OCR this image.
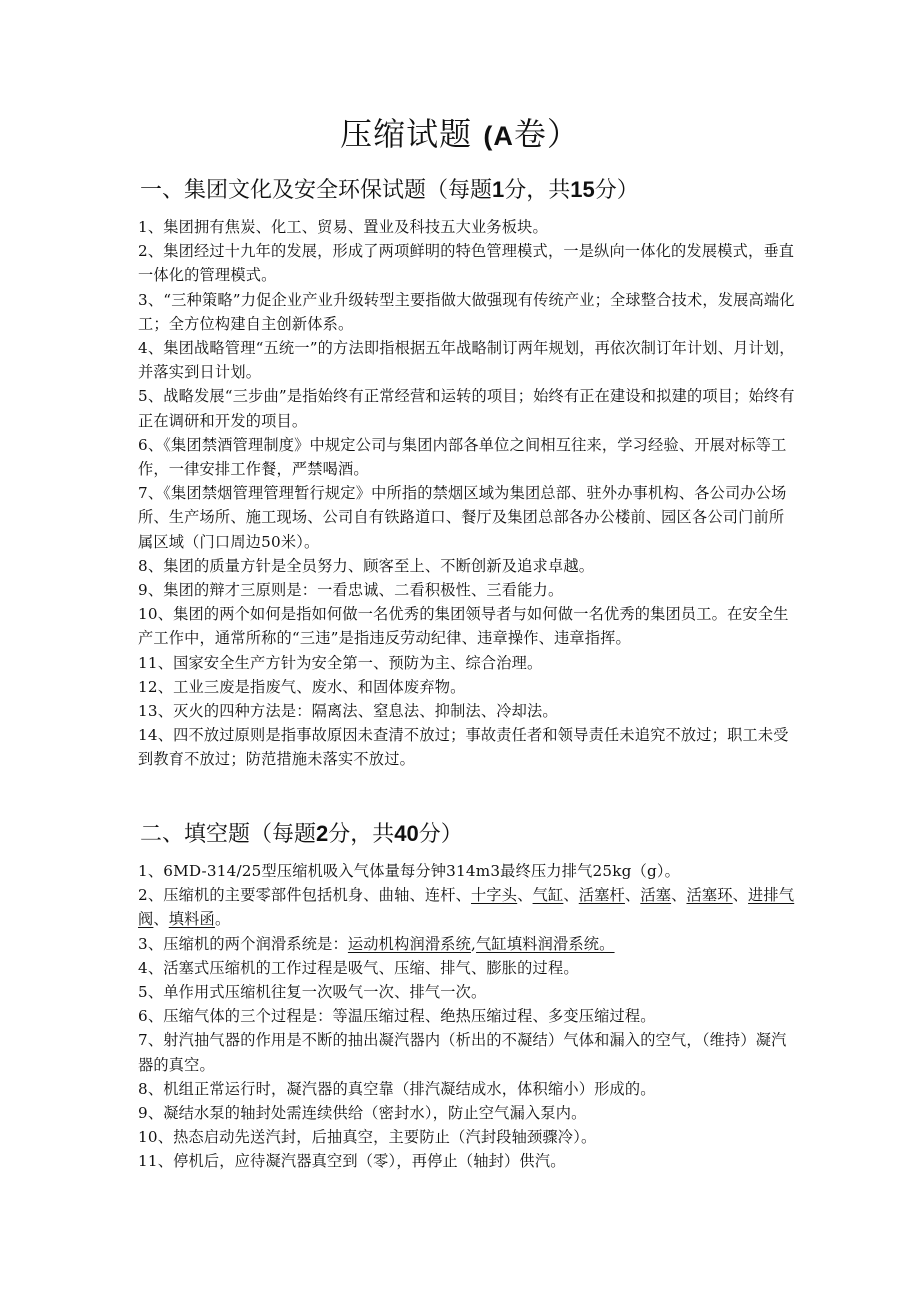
压缩试题 (A卷）
一、集团文化及安全环保试题（每题1分，共15分）

1、集团拥有焦炭、化工、贸易、置业及科技五大业务板块。

2、集团经过十九年的发展，形成了两项鲜明的特色管理模式，一是纵向一体化的发展模式，垂直一体化的管理模式。

3、“三种策略”力促企业产业升级转型主要指做大做强现有传统产业；全球整合技术，发展高端化工；全方位构建自主创新体系。

4、集团战略管理“五统一”的方法即指根据五年战略制订两年规划，再依次制订年计划、月计划，并落实到日计划。

5、战略发展“三步曲”是指始终有正常经营和运转的项目；始终有正在建设和拟建的项目；始终有正在调研和开发的项目。

6、《集团禁酒管理制度》中规定公司与集团内部各单位之间相互往来，学习经验、开展对标等工作，一律安排工作餐，严禁喝酒。

7、《集团禁烟管理管理暂行规定》中所指的禁烟区域为集团总部、驻外办事机构、各公司办公场所、生产场所、施工现场、公司自有铁路道口、餐厅及集团总部各办公楼前、园区各公司门前所属区域（门口周边50米）。

8、集团的质量方针是全员努力、顾客至上、不断创新及追求卓越。

9、集团的辩才三原则是：一看忠诚、二看积极性、三看能力。

10、集团的两个如何是指如何做一名优秀的集团领导者与如何做一名优秀的集团员工。在安全生产工作中，通常所称的“三违”是指违反劳动纪律、违章操作、违章指挥。

11、国家安全生产方针为安全第一、预防为主、综合治理。

12、工业三废是指废气、废水、和固体废弃物。

13、灭火的四种方法是：隔离法、窒息法、抑制法、冷却法。

14、四不放过原则是指事故原因未查清不放过；事故责任者和领导责任未追究不放过；职工未受到教育不放过；防范措施未落实不放过。

二、填空题（每题2分，共40分）

1、6MD-314/25型压缩机吸入气体量每分钟314m3最终压力排气25kg（g）。

2、压缩机的主要零部件包括机身、曲轴、连杆、十字头、气缸、活塞杆、活塞、活塞环、进排气阀、填料函。

3、压缩机的两个润滑系统是：运动机构润滑系统,气缸填料润滑系统。

4、活塞式压缩机的工作过程是吸气、压缩、排气、膨胀的过程。

5、单作用式压缩机往复一次吸气一次、排气一次。

6、压缩气体的三个过程是：等温压缩过程、绝热压缩过程、多变压缩过程。

7、射汽抽气器的作用是不断的抽出凝汽器内（析出的不凝结）气体和漏入的空气，（维持）凝汽器的真空。

8、机组正常运行时，凝汽器的真空靠（排汽凝结成水，体积缩小）形成的。

9、凝结水泵的轴封处需连续供给（密封水），防止空气漏入泵内。

10、热态启动先送汽封，后抽真空，主要防止（汽封段轴颈骤冷）。

11、停机后，应待凝汽器真空到（零），再停止（轴封）供汽。
